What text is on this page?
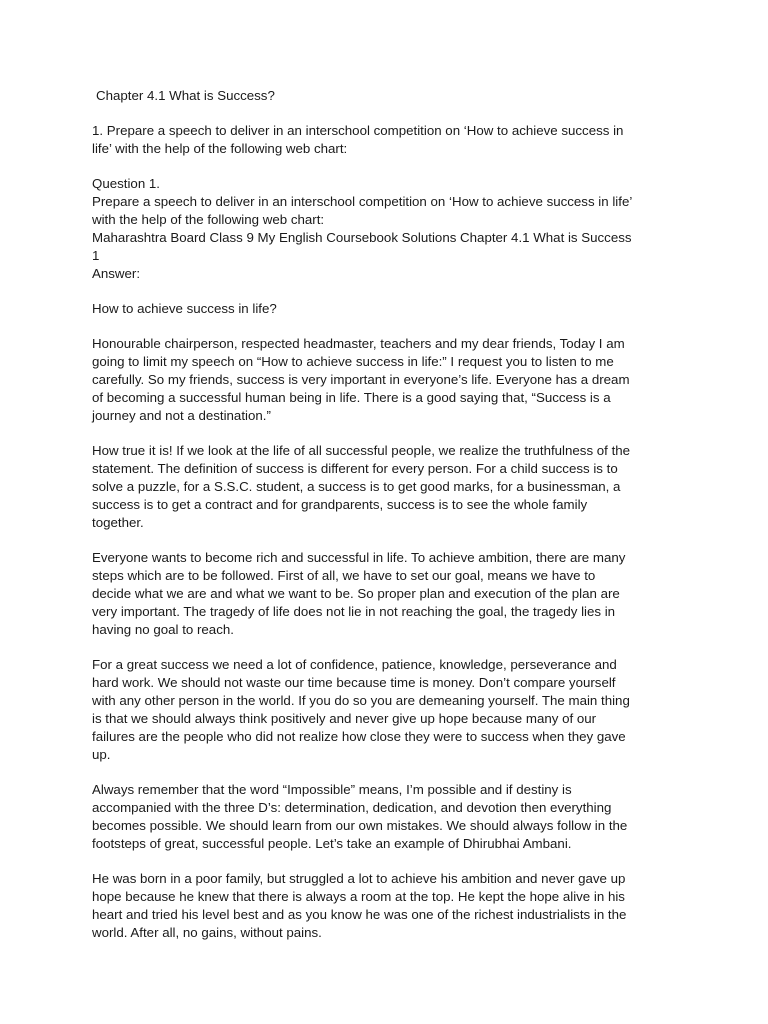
Chapter 4.1 What is Success?

1. Prepare a speech to deliver in an interschool competition on ‘How to achieve success in
life’ with the help of the following web chart:

Question 1.
Prepare a speech to deliver in an interschool competition on ‘How to achieve success in life’
with the help of the following web chart:
Maharashtra Board Class 9 My English Coursebook Solutions Chapter 4.1 What is Success
1
Answer:

How to achieve success in life?

Honourable chairperson, respected headmaster, teachers and my dear friends, Today I am
going to limit my speech on “How to achieve success in life:” I request you to listen to me
carefully. So my friends, success is very important in everyone’s life. Everyone has a dream
of becoming a successful human being in life. There is a good saying that, “Success is a
journey and not a destination.”

How true it is! If we look at the life of all successful people, we realize the truthfulness of the
statement. The definition of success is different for every person. For a child success is to
solve a puzzle, for a S.S.C. student, a success is to get good marks, for a businessman, a
success is to get a contract and for grandparents, success is to see the whole family
together.

Everyone wants to become rich and successful in life. To achieve ambition, there are many
steps which are to be followed. First of all, we have to set our goal, means we have to
decide what we are and what we want to be. So proper plan and execution of the plan are
very important. The tragedy of life does not lie in not reaching the goal, the tragedy lies in
having no goal to reach.

For a great success we need a lot of confidence, patience, knowledge, perseverance and
hard work. We should not waste our time because time is money. Don’t compare yourself
with any other person in the world. If you do so you are demeaning yourself. The main thing
is that we should always think positively and never give up hope because many of our
failures are the people who did not realize how close they were to success when they gave
up.

Always remember that the word “Impossible” means, I’m possible and if destiny is
accompanied with the three D’s: determination, dedication, and devotion then everything
becomes possible. We should learn from our own mistakes. We should always follow in the
footsteps of great, successful people. Let’s take an example of Dhirubhai Ambani.

He was born in a poor family, but struggled a lot to achieve his ambition and never gave up
hope because he knew that there is always a room at the top. He kept the hope alive in his
heart and tried his level best and as you know he was one of the richest industrialists in the
world. After all, no gains, without pains.
